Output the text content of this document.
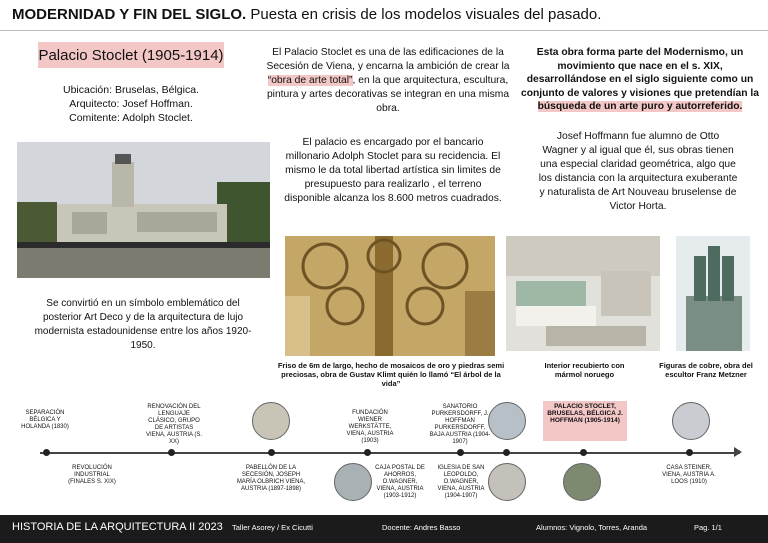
MODERNIDAD Y FIN DEL SIGLO. Puesta en crisis de los modelos visuales del pasado.
Palacio Stoclet (1905-1914)
Ubicación: Bruselas, Bélgica.
Arquitecto: Josef Hoffman.
Comitente: Adolph Stoclet.
Se convirtió en un símbolo emblemático del posterior Art Deco y de la arquitectura de lujo modernista estadounidense entre los años 1920-1950.
El Palacio Stoclet es una de las edificaciones de la Secesión de Viena, y encarna la ambición de crear la “obra de arte total”, en la que arquitectura, escultura, pintura y artes decorativas se integran en una misma obra.
El palacio es encargado por el bancario millonario Adolph Stoclet para su recidencia. El mismo le da total libertad artística sin limites de presupuesto para realizarlo , el terreno disponible alcanza los 8.600 metros cuadrados.
Esta obra forma parte del Modernismo, un movimiento que nace en el s. XIX, desarrollándose en el siglo siguiente como un conjunto de valores y visiones que pretendían la búsqueda de un arte puro y autorreferido.
Josef Hoffmann fue alumno de Otto Wagner y al igual que él, sus obras tienen una especial claridad geométrica, algo que los distancia con la arquitectura exuberante y naturalista de Art Nouveau bruselense de Victor Horta.
Friso de 6m de largo, hecho de mosaicos de oro y piedras semi preciosas, obra de Gustav Klimt quién lo llamó “El árbol de la vida”
Interior recubierto con mármol noruego
Figuras de cobre, obra del escultor Franz Metzner
SEPARACIÓN BÉLGICA Y HOLANDA (1830)
RENOVACIÓN DEL LENGUAJE CLÁSICO, GRUPO DE ARTISTAS VIENA, AUSTRIA (S. XX)
FUNDACIÓN WIENER WERKSTÄTTE, VIENA, AUSTRIA (1903)
SANATORIO PURKERSDORFF, J. HOFFMAN PURKERSDORFF, BAJA AUSTRIA (1904-1907)
PALACIO STOCLET, BRUSELAS, BÉLGICA J. HOFFMAN (1905-1914)
REVOLUCIÓN INDUSTRIAL (FINALES S. XIX)
PABELLÓN DE LA SECESIÓN, JOSEPH MARÍA OLBRICH VIENA, AUSTRIA (1897-1898)
CAJA POSTAL DE AHORROS, O.WAGNER, VIENA, AUSTRIA (1903-1912)
IGLESIA DE SAN LEOPOLDO, O.WAGNER, VIENA, AUSTRIA (1904-1907)
CASA STEINER, VIENA, AUSTRIA A. LOOS (1910)
HISTORIA DE LA ARQUITECTURA II 2023 Taller Asorey / Ex Cicutti	Docente: Andres Basso	Alumnos: Vignolo, Torres, Aranda	Pag. 1/1
